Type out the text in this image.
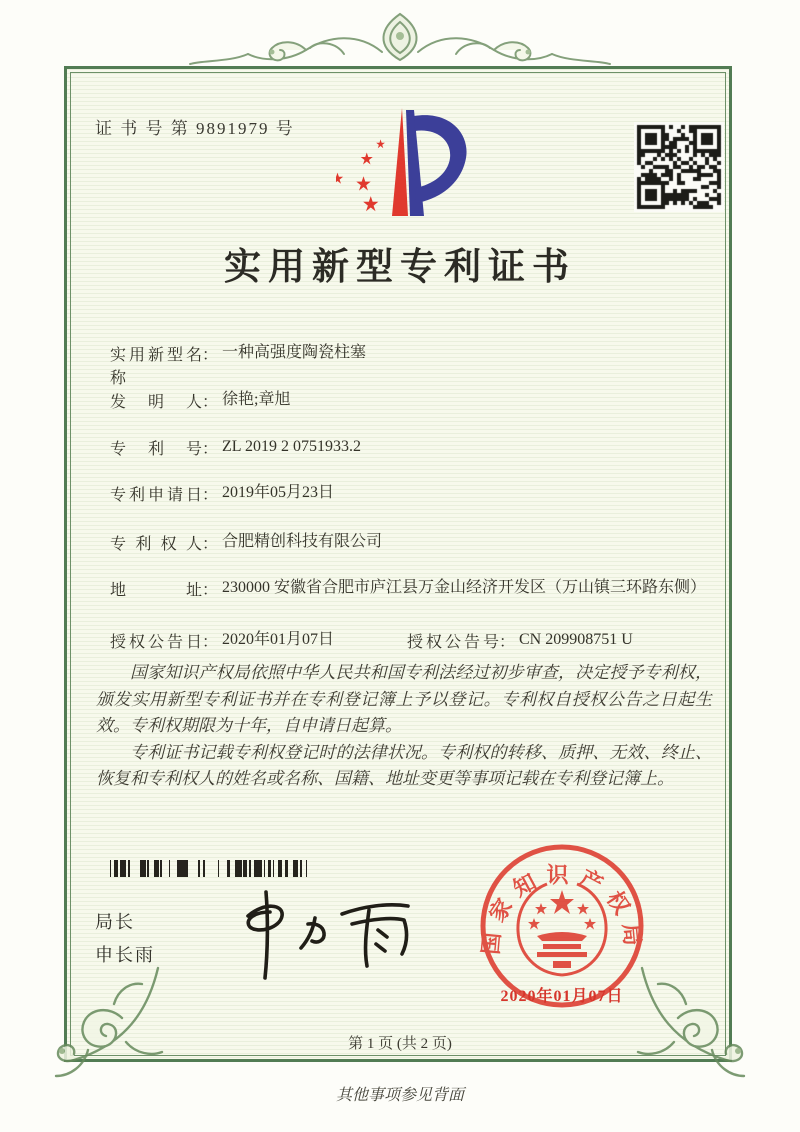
证 书 号 第 9891979 号
实用新型专利证书
实用新型名称
： 一种高强度陶瓷柱塞
发明人 ： 徐艳;章旭
专利号 ： ZL 2019 2 0751933.2
专利申请日 ： 2019年05月23日
专利权人 ： 合肥精创科技有限公司
地址 ： 230000 安徽省合肥市庐江县万金山经济开发区（万山镇三环路东侧）
授权公告日 ： 2020年01月07日	授权公告号 ： CN 209908751 U

国家知识产权局依照中华人民共和国专利法经过初步审查，决定授予专利权，颁发实用新型专利证书并在专利登记簿上予以登记。专利权自授权公告之日起生效。专利权期限为十年，自申请日起算。

专利证书记载专利权登记时的法律状况。专利权的转移、质押、无效、终止、恢复和专利权人的姓名或名称、国籍、地址变更等事项记载在专利登记簿上。

局长
申长雨	国家知识产权局
2020年01月07日
第 1 页 (共 2 页)
其他事项参见背面
